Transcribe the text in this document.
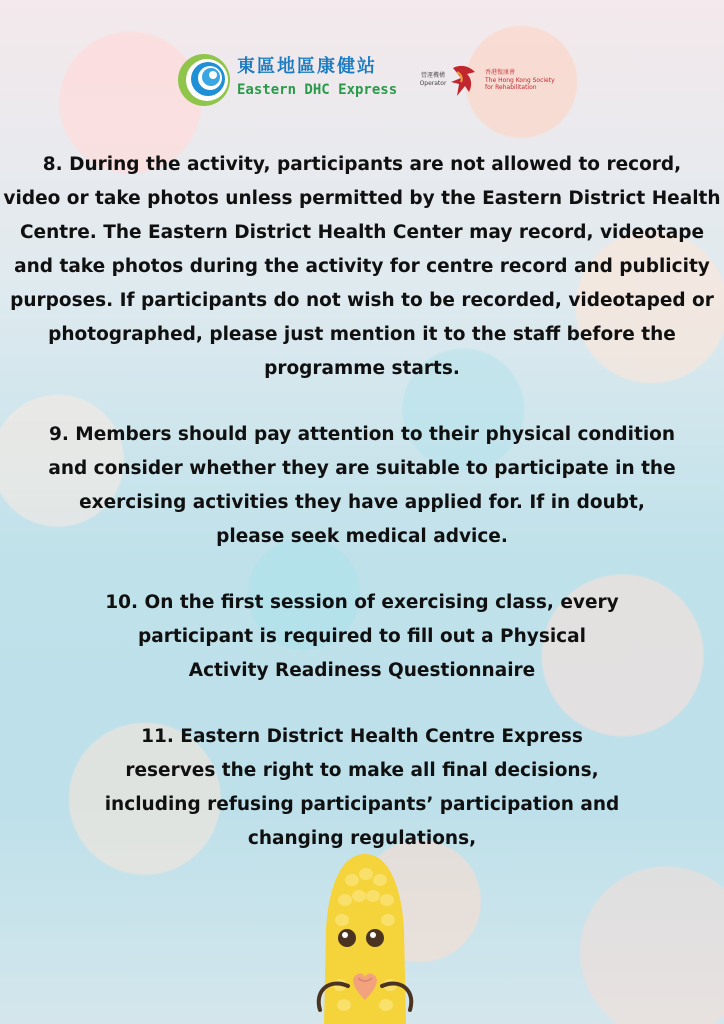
東區地區康健站
Eastern DHC Express
營運機構
Operator
香港復康會
The Hong Kong Society
for Rehabilitation

8. During the activity, participants are not allowed to record,
video or take photos unless permitted by the Eastern District Health
Centre. The Eastern District Health Center may record, videotape
and take photos during the activity for centre record and publicity
purposes. If participants do not wish to be recorded, videotaped or
photographed, please just mention it to the staff before the
programme starts.

9. Members should pay attention to their physical condition
and consider whether they are suitable to participate in the
exercising activities they have applied for. If in doubt,
please seek medical advice.

10. On the first session of exercising class, every
participant is required to fill out a Physical
Activity Readiness Questionnaire

11. Eastern District Health Centre Express
reserves the right to make all final decisions,
including refusing participants’ participation and
changing regulations,
